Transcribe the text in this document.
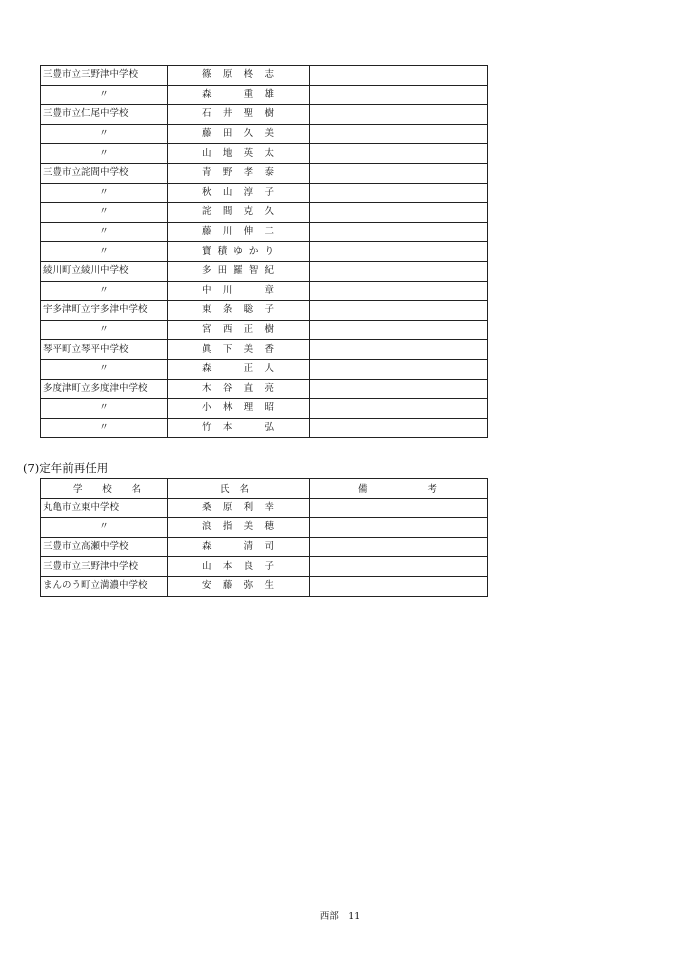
三豊市立三野津中学校	篠原柊志	
〃	森　重雄	
三豊市立仁尾中学校	石井聖樹	
〃	藤田久美	
〃	山地英太	
三豊市立詫間中学校	青野孝泰	
〃	秋山淳子	
〃	詫間克久	
〃	藤川伸二	
〃	寶積ゆかり	
綾川町立綾川中学校	多田羅智紀	
〃	中川　章	
宇多津町立宇多津中学校	東条聡子	
〃	宮西正樹	
琴平町立琴平中学校	眞下美香	
〃	森　正人	
多度津町立多度津中学校	木谷直亮	
〃	小林理昭	
〃	竹本　弘	
(7)定年前再任用
学 校 名	氏 名	備 考

丸亀市立東中学校	桑原利幸	
〃	浪指美穂	
三豊市立高瀬中学校	森　清司	
三豊市立三野津中学校	山本良子	
まんのう町立満濃中学校	安藤弥生	
西部　11
